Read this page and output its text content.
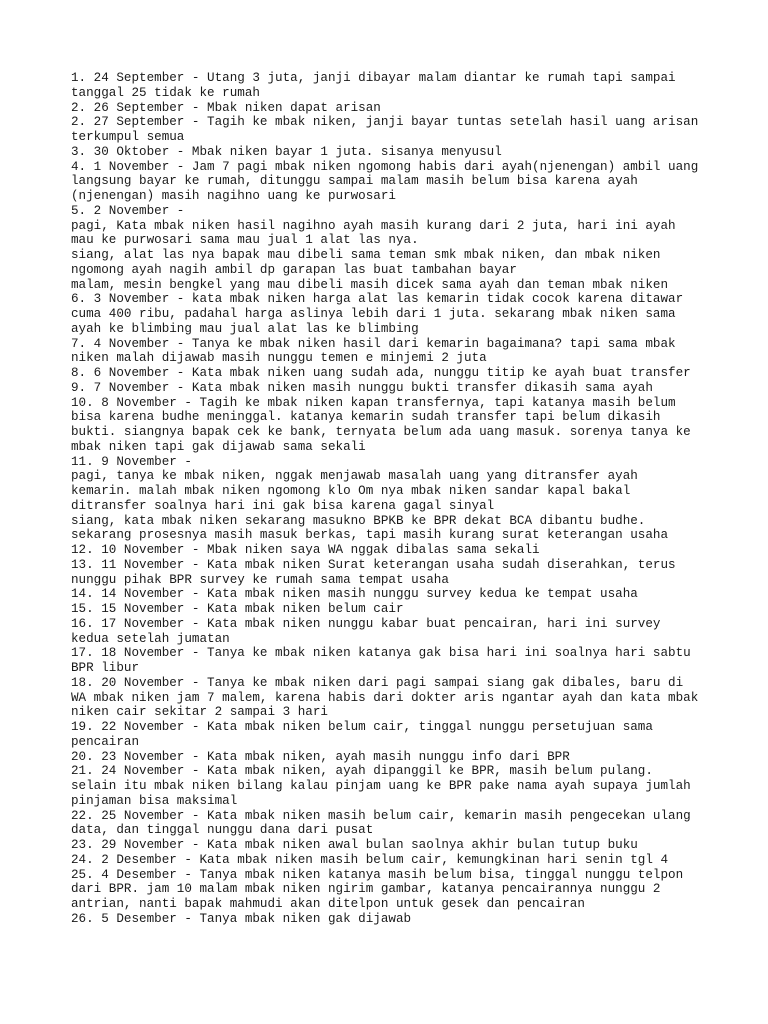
1. 24 September - Utang 3 juta, janji dibayar malam diantar ke rumah tapi sampai
tanggal 25 tidak ke rumah
2. 26 September - Mbak niken dapat arisan
2. 27 September - Tagih ke mbak niken, janji bayar tuntas setelah hasil uang arisan
terkumpul semua
3. 30 Oktober - Mbak niken bayar 1 juta. sisanya menyusul
4. 1 November - Jam 7 pagi mbak niken ngomong habis dari ayah(njenengan) ambil uang
langsung bayar ke rumah, ditunggu sampai malam masih belum bisa karena ayah
(njenengan) masih nagihno uang ke purwosari
5. 2 November -
pagi, Kata mbak niken hasil nagihno ayah masih kurang dari 2 juta, hari ini ayah
mau ke purwosari sama mau jual 1 alat las nya.
siang, alat las nya bapak mau dibeli sama teman smk mbak niken, dan mbak niken
ngomong ayah nagih ambil dp garapan las buat tambahan bayar
malam, mesin bengkel yang mau dibeli masih dicek sama ayah dan teman mbak niken
6. 3 November - kata mbak niken harga alat las kemarin tidak cocok karena ditawar
cuma 400 ribu, padahal harga aslinya lebih dari 1 juta. sekarang mbak niken sama
ayah ke blimbing mau jual alat las ke blimbing
7. 4 November - Tanya ke mbak niken hasil dari kemarin bagaimana? tapi sama mbak
niken malah dijawab masih nunggu temen e minjemi 2 juta
8. 6 November - Kata mbak niken uang sudah ada, nunggu titip ke ayah buat transfer
9. 7 November - Kata mbak niken masih nunggu bukti transfer dikasih sama ayah
10. 8 November - Tagih ke mbak niken kapan transfernya, tapi katanya masih belum
bisa karena budhe meninggal. katanya kemarin sudah transfer tapi belum dikasih
bukti. siangnya bapak cek ke bank, ternyata belum ada uang masuk. sorenya tanya ke
mbak niken tapi gak dijawab sama sekali
11. 9 November -
pagi, tanya ke mbak niken, nggak menjawab masalah uang yang ditransfer ayah
kemarin. malah mbak niken ngomong klo Om nya mbak niken sandar kapal bakal
ditransfer soalnya hari ini gak bisa karena gagal sinyal
siang, kata mbak niken sekarang masukno BPKB ke BPR dekat BCA dibantu budhe.
sekarang prosesnya masih masuk berkas, tapi masih kurang surat keterangan usaha
12. 10 November - Mbak niken saya WA nggak dibalas sama sekali
13. 11 November - Kata mbak niken Surat keterangan usaha sudah diserahkan, terus
nunggu pihak BPR survey ke rumah sama tempat usaha
14. 14 November - Kata mbak niken masih nunggu survey kedua ke tempat usaha
15. 15 November - Kata mbak niken belum cair
16. 17 November - Kata mbak niken nunggu kabar buat pencairan, hari ini survey
kedua setelah jumatan
17. 18 November - Tanya ke mbak niken katanya gak bisa hari ini soalnya hari sabtu
BPR libur
18. 20 November - Tanya ke mbak niken dari pagi sampai siang gak dibales, baru di
WA mbak niken jam 7 malem, karena habis dari dokter aris ngantar ayah dan kata mbak
niken cair sekitar 2 sampai 3 hari
19. 22 November - Kata mbak niken belum cair, tinggal nunggu persetujuan sama
pencairan
20. 23 November - Kata mbak niken, ayah masih nunggu info dari BPR
21. 24 November - Kata mbak niken, ayah dipanggil ke BPR, masih belum pulang.
selain itu mbak niken bilang kalau pinjam uang ke BPR pake nama ayah supaya jumlah
pinjaman bisa maksimal
22. 25 November - Kata mbak niken masih belum cair, kemarin masih pengecekan ulang
data, dan tinggal nunggu dana dari pusat
23. 29 November - Kata mbak niken awal bulan saolnya akhir bulan tutup buku
24. 2 Desember - Kata mbak niken masih belum cair, kemungkinan hari senin tgl 4
25. 4 Desember - Tanya mbak niken katanya masih belum bisa, tinggal nunggu telpon
dari BPR. jam 10 malam mbak niken ngirim gambar, katanya pencairannya nunggu 2
antrian, nanti bapak mahmudi akan ditelpon untuk gesek dan pencairan
26. 5 Desember - Tanya mbak niken gak dijawab
